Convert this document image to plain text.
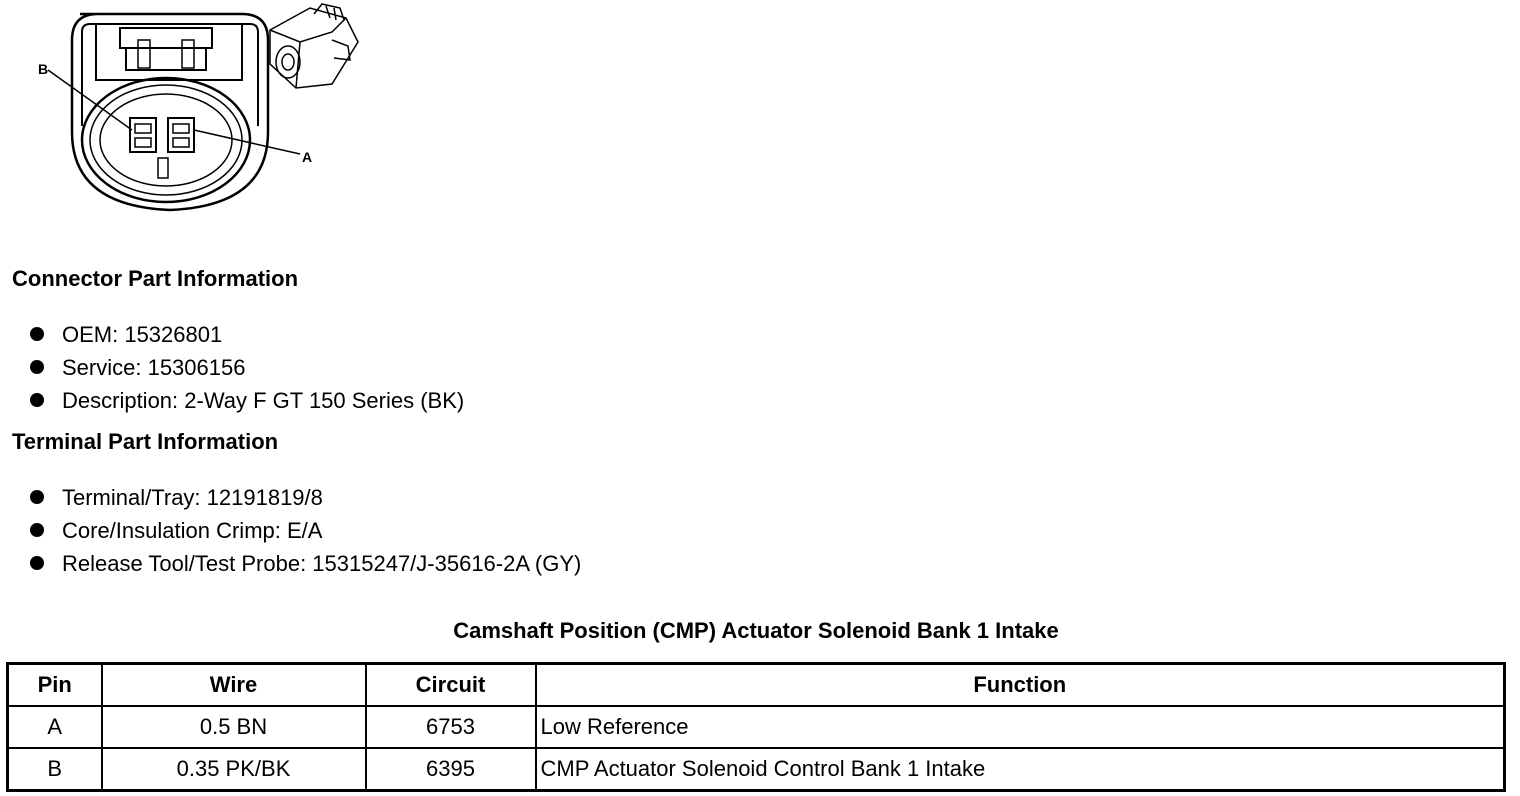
B
A
Connector Part Information
OEM: 15326801
Service: 15306156
Description: 2-Way F GT 150 Series (BK)
Terminal Part Information
Terminal/Tray: 12191819/8
Core/Insulation Crimp: E/A
Release Tool/Test Probe: 15315247/J-35616-2A (GY)
Camshaft Position (CMP) Actuator Solenoid Bank 1 Intake
Pin	Wire	Circuit	Function
A	0.5 BN	6753	Low Reference
B	0.35 PK/BK	6395	CMP Actuator Solenoid Control Bank 1 Intake
